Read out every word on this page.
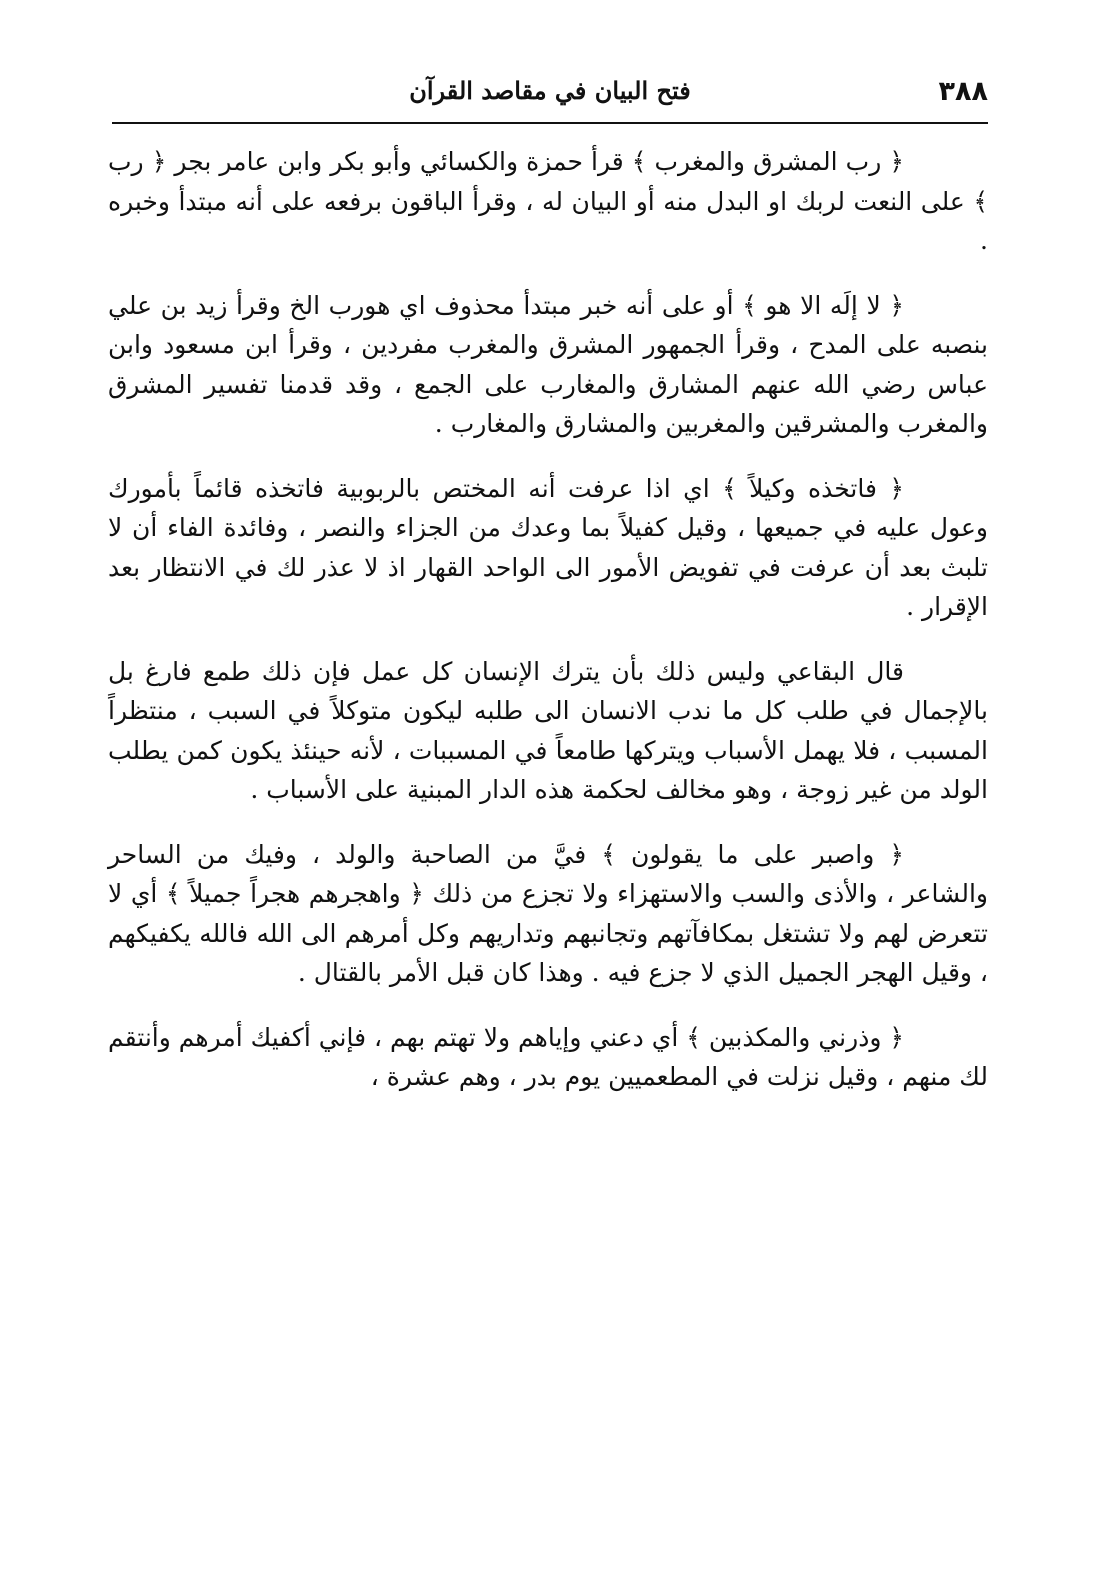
٣٨٨
فتح البيان في مقاصد القرآن

﴿ رب المشرق والمغرب ﴾ قرأ حمزة والكسائي وأبو بكر وابن عامر بجر ﴿ رب ﴾ على النعت لربك او البدل منه أو البيان له ، وقرأ الباقون برفعه على أنه مبتدأ وخبره .

﴿ لا إلَه الا هو ﴾ أو على أنه خبر مبتدأ محذوف اي هورب الخ وقرأ زيد بن علي بنصبه على المدح ، وقرأ الجمهور المشرق والمغرب مفردين ، وقرأ ابن مسعود وابن عباس رضي الله عنهم المشارق والمغارب على الجمع ، وقد قدمنا تفسير المشرق والمغرب والمشرقين والمغربين والمشارق والمغارب .

﴿ فاتخذه وكيلاً ﴾ اي اذا عرفت أنه المختص بالربوبية فاتخذه قائماً بأمورك وعول عليه في جميعها ، وقيل كفيلاً بما وعدك من الجزاء والنصر ، وفائدة الفاء أن لا تلبث بعد أن عرفت في تفويض الأمور الى الواحد القهار اذ لا عذر لك في الانتظار بعد الإقرار .

قال البقاعي وليس ذلك بأن يترك الإنسان كل عمل فإن ذلك طمع فارغ بل بالإجمال في طلب كل ما ندب الانسان الى طلبه ليكون متوكلاً في السبب ، منتظراً المسبب ، فلا يهمل الأسباب ويتركها طامعاً في المسببات ، لأنه حينئذ يكون كمن يطلب الولد من غير زوجة ، وهو مخالف لحكمة هذه الدار المبنية على الأسباب .

﴿ واصبر على ما يقولون ﴾ فيَّ من الصاحبة والولد ، وفيك من الساحر والشاعر ، والأذى والسب والاستهزاء ولا تجزع من ذلك ﴿ واهجرهم هجراً جميلاً ﴾ أي لا تتعرض لهم ولا تشتغل بمكافآتهم وتجانبهم وتداريهم وكل أمرهم الى الله فالله يكفيكهم ، وقيل الهجر الجميل الذي لا جزع فيه . وهذا كان قبل الأمر بالقتال .

﴿ وذرني والمكذبين ﴾ أي دعني وإياهم ولا تهتم بهم ، فإني أكفيك أمرهم وأنتقم لك منهم ، وقيل نزلت في المطعميين يوم بدر ، وهم عشرة ،
